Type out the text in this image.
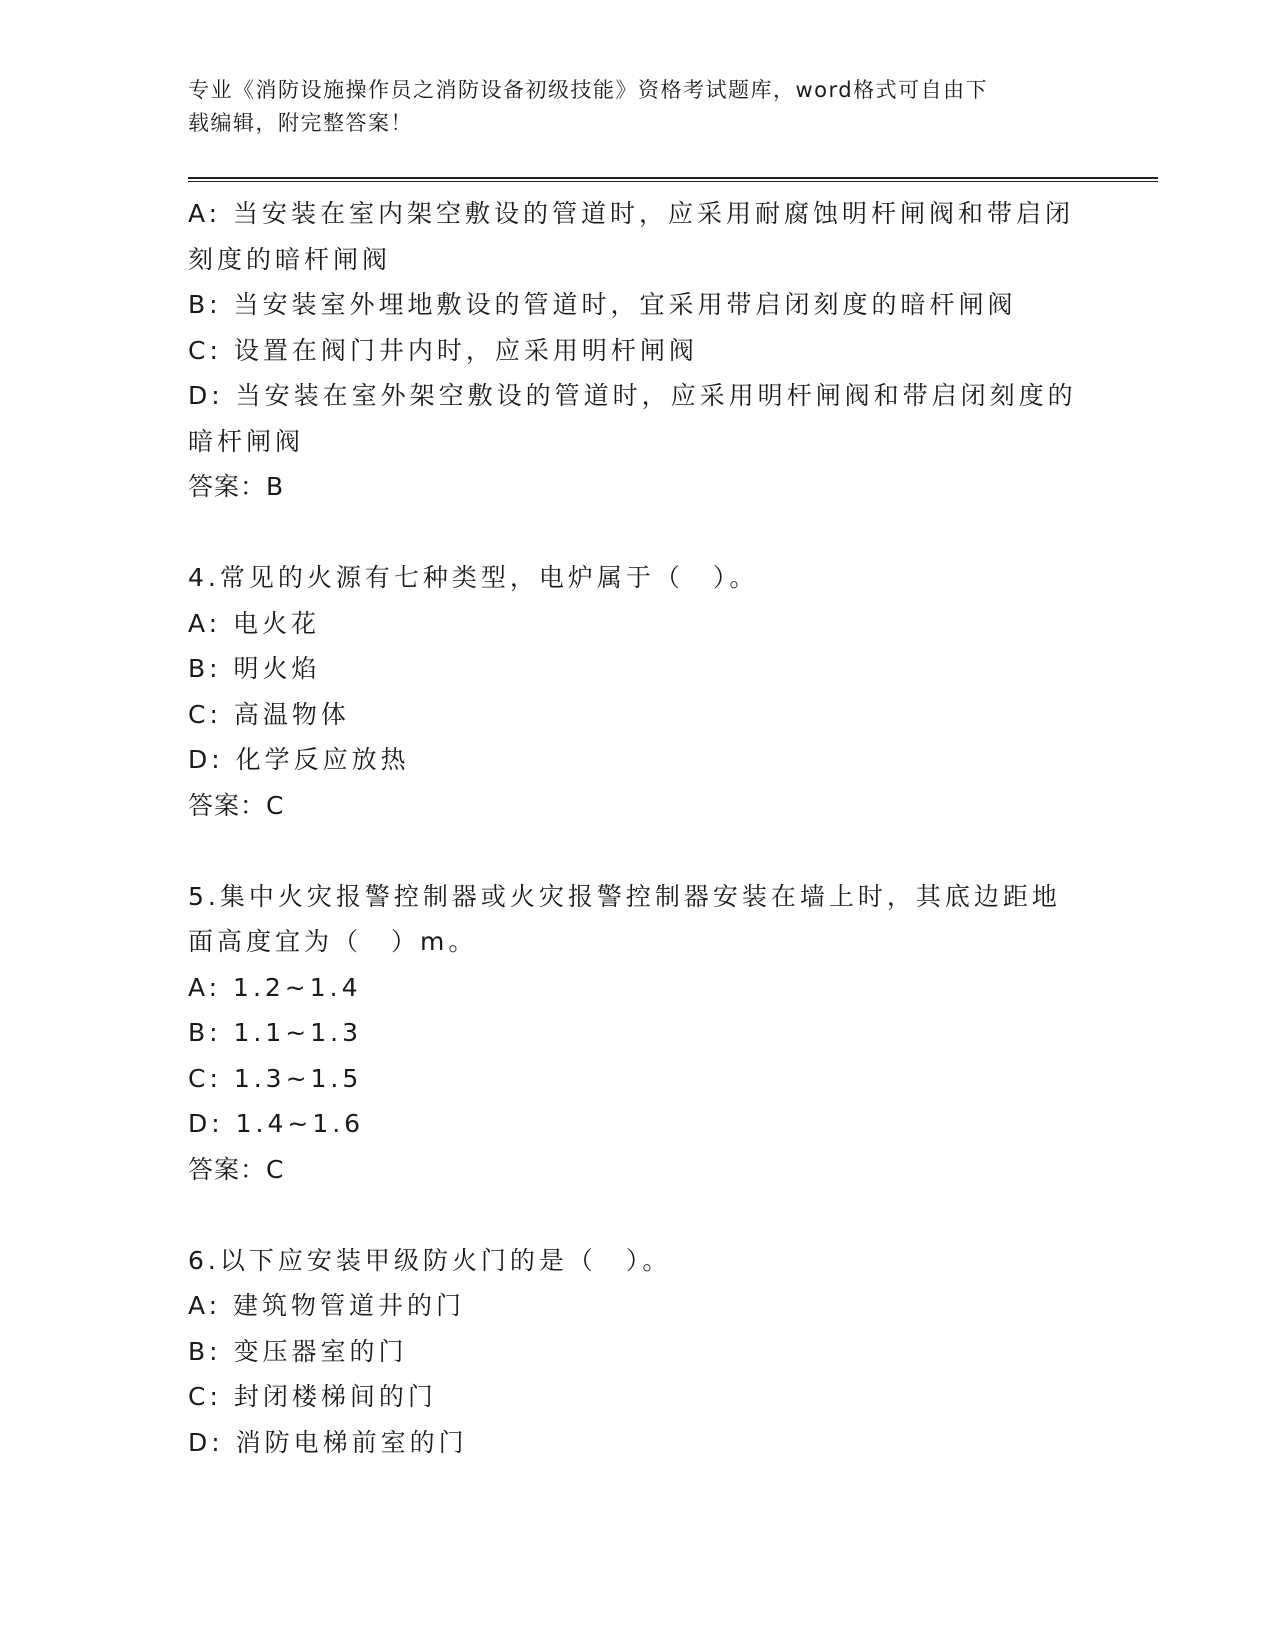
专业《消防设施操作员之消防设备初级技能》资格考试题库，word格式可自由下
载编辑，附完整答案！
A: 当安装在室内架空敷设的管道时，应采用耐腐蚀明杆闸阀和带启闭
刻度的暗杆闸阀
B: 当安装室外埋地敷设的管道时，宜采用带启闭刻度的暗杆闸阀
C: 设置在阀门井内时，应采用明杆闸阀
D: 当安装在室外架空敷设的管道时，应采用明杆闸阀和带启闭刻度的
暗杆闸阀
答案：B
4.常见的火源有七种类型，电炉属于（　）。
A: 电火花
B: 明火焰
C: 高温物体
D: 化学反应放热
答案：C
5.集中火灾报警控制器或火灾报警控制器安装在墙上时，其底边距地
面高度宜为（　）m。
A: 1.2~1.4
B: 1.1~1.3
C: 1.3~1.5
D: 1.4~1.6
答案：C
6.以下应安装甲级防火门的是（　）。
A: 建筑物管道井的门
B: 变压器室的门
C: 封闭楼梯间的门
D: 消防电梯前室的门
